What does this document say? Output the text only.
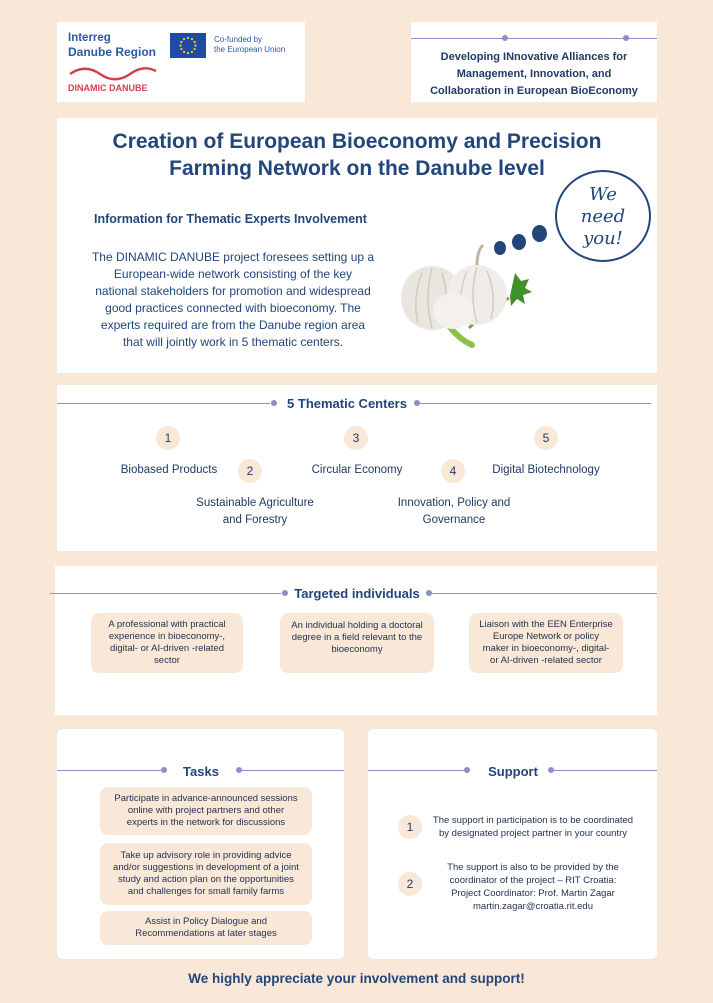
Interreg
Danube Region
Co-funded by
the European Union
DINAMIC DANUBE
Developing INnovative Alliances for
Management, Innovation, and
Collaboration in European BioEconomy
Creation of European Bioeconomy and Precision
Farming Network on the Danube level
Information for Thematic Experts Involvement
The DINAMIC DANUBE project foresees setting up a
European-wide network consisting of the key
national stakeholders for promotion and widespread
good practices connected with bioeconomy. The
experts required are from the Danube region area
that will jointly work in 5 thematic centers.
We
need
you!
5 Thematic Centers
1
Biobased Products	2
Sustainable Agriculture
and Forestry
3
Circular Economy	4
Innovation, Policy and
Governance
5
Digital Biotechnology
Targeted individuals
A professional with practical
experience in bioeconomy-,
digital- or AI-driven -related
sector
An individual holding a doctoral
degree in a field relevant to the
bioeconomy
Liaison with the EEN Enterprise
Europe Network or policy
maker in bioeconomy-, digital-
or AI-driven -related sector
Tasks
Participate in advance-announced sessions
online with project partners and other
experts in the network for discussions
Take up advisory role in providing advice
and/or suggestions in development of a joint
study and action plan on the opportunities
and challenges for small family farms
Assist in Policy Dialogue and
Recommendations at later stages
Support
1	The support in participation is to be coordinated
by designated project partner in your country
2
The support is also to be provided by the
coordinator of the project – RIT Croatia:
Project Coordinator: Prof. Martin Zagar
martin.zagar@croatia.rit.edu
We highly appreciate your involvement and support!
